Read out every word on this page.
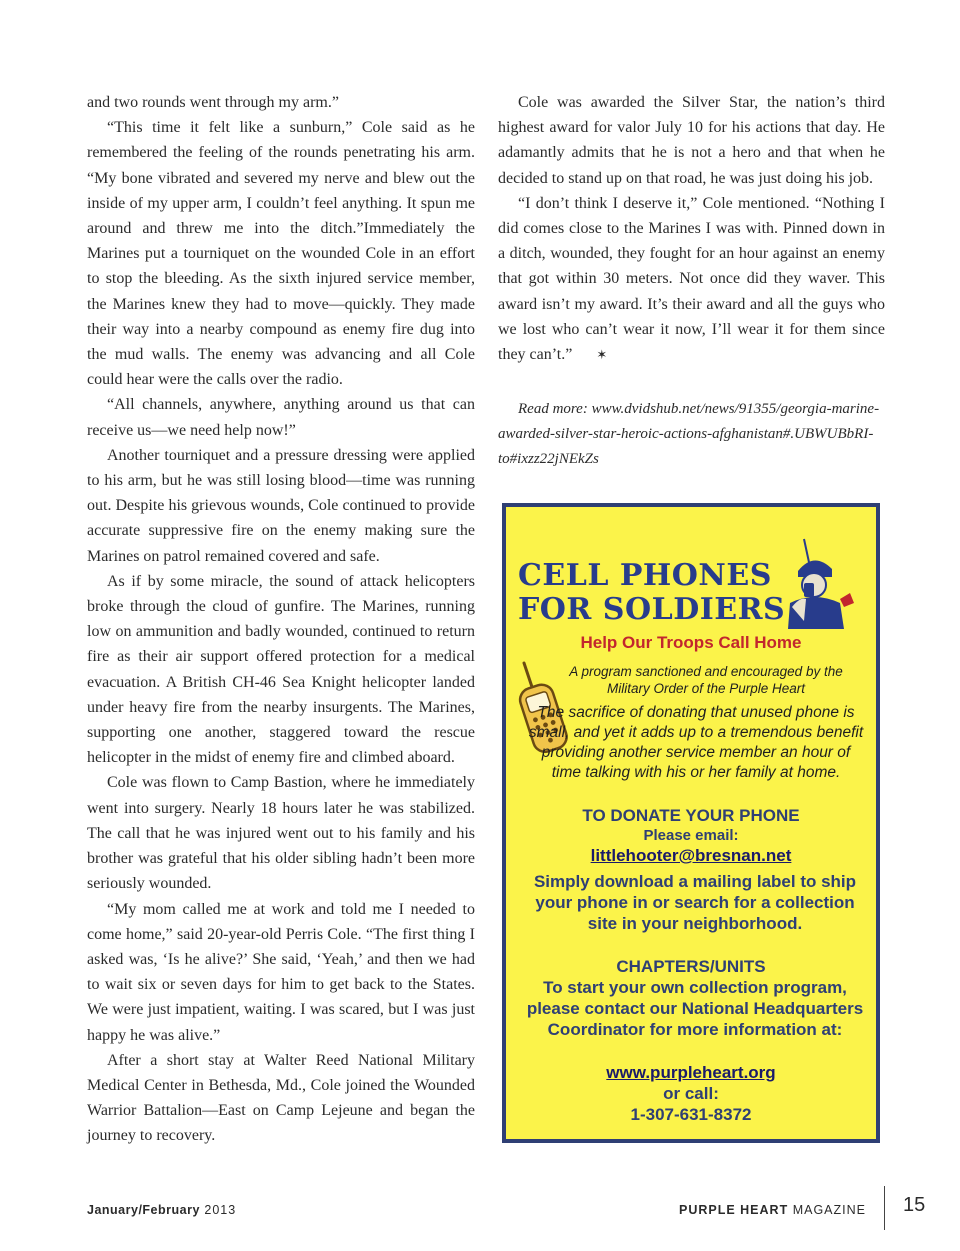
and two rounds went through my arm.”

“This time it felt like a sunburn,” Cole said as he remembered the feeling of the rounds penetrating his arm. “My bone vibrated and severed my nerve and blew out the inside of my upper arm, I couldn’t feel anything. It spun me around and threw me into the ditch.”Immediately the Marines put a tourniquet on the wounded Cole in an effort to stop the bleeding. As the sixth injured service member, the Marines knew they had to move—quickly. They made their way into a nearby compound as enemy fire dug into the mud walls. The enemy was advancing and all Cole could hear were the calls over the radio.

“All channels, anywhere, anything around us that can receive us—we need help now!”

Another tourniquet and a pressure dressing were applied to his arm, but he was still losing blood—time was running out. Despite his grievous wounds, Cole continued to provide accurate suppressive fire on the enemy making sure the Marines on patrol remained covered and safe.

As if by some miracle, the sound of attack helicopters broke through the cloud of gunfire. The Marines, running low on ammunition and badly wounded, continued to return fire as their air support offered protection for a medical evacuation. A British CH-46 Sea Knight helicopter landed under heavy fire from the nearby insurgents. The Marines, supporting one another, staggered toward the rescue helicopter in the midst of enemy fire and climbed aboard.

Cole was flown to Camp Bastion, where he immediately went into surgery. Nearly 18 hours later he was stabilized. The call that he was injured went out to his family and his brother was grateful that his older sibling hadn’t been more seriously wounded.

“My mom called me at work and told me I needed to come home,” said 20-year-old Perris Cole. “The first thing I asked was, ‘Is he alive?’ She said, ‘Yeah,’ and then we had to wait six or seven days for him to get back to the States. We were just impatient, waiting. I was scared, but I was just happy he was alive.”

After a short stay at Walter Reed National Military Medical Center in Bethesda, Md., Cole joined the Wounded Warrior Battalion—East on Camp Lejeune and began the journey to recovery.

Cole was awarded the Silver Star, the nation’s third highest award for valor July 10 for his actions that day. He adamantly admits that he is not a hero and that when he decided to stand up on that road, he was just doing his job.

“I don’t think I deserve it,” Cole mentioned. “Nothing I did comes close to the Marines I was with. Pinned down in a ditch, wounded, they fought for an hour against an enemy that got within 30 meters. Not once did they waver. This award isn’t my award. It’s their award and all the guys who we lost who can’t wear it now, I’ll wear it for them since they can’t.” ✶

Read more: www.dvidshub.net/news/91355/georgia-marine-awarded-silver-star-heroic-actions-afghanistan#.UBWUBbRI-to#ixzz22jNEkZs

CELL PHONES
FOR SOLDIERS
Help Our Troops Call Home
A program sanctioned and encouraged by the Military Order of the Purple Heart
The sacrifice of donating that unused phone is small, and yet it adds up to a tremendous benefit providing another service member an hour of time talking with his or her family at home.
TO DONATE YOUR PHONE
Please email:
littlehooter@bresnan.net
Simply download a mailing label to ship your phone in or search for a collection site in your neighborhood.
CHAPTERS/UNITS
To start your own collection program, please contact our National Headquarters Coordinator for more information at:
www.purpleheart.org
or call:
1-307-631-8372
January/February 2013	PURPLE HEART MAGAZINE 15
